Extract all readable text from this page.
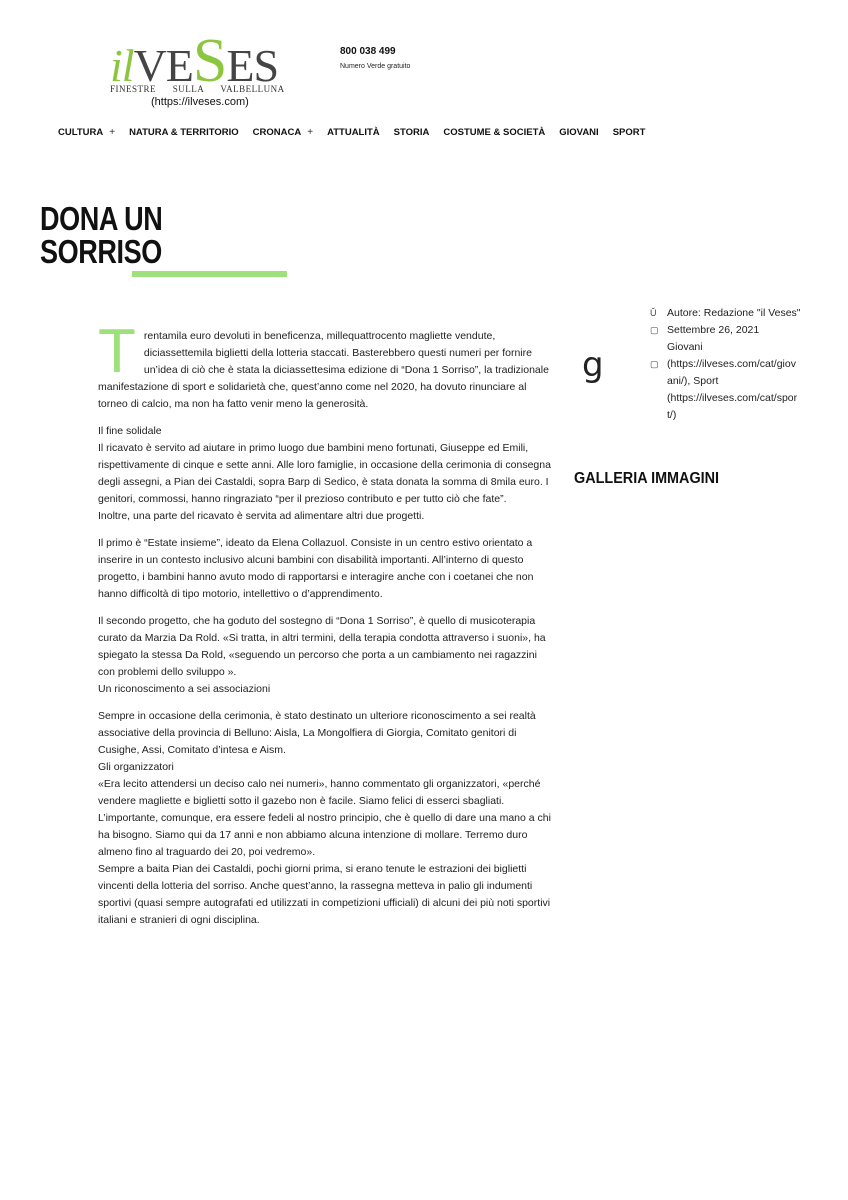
ilVESES
FINESTRE SULLA VALBELLUNA
(https://ilveses.com)
800 038 499
Numero Verde gratuito
CULTURA + NATURA & TERRITORIO CRONACA + ATTUALITÀ STORIA COSTUME & SOCIETÀ GIOVANI SPORT
DONA UN SORRISO

Trentamila euro devoluti in beneficenza, millequattrocento magliette vendute, diciassettemila biglietti della lotteria staccati. Basterebbero questi numeri per fornire un’idea di ciò che è stata la diciassettesima edizione di “Dona 1 Sorriso”, la tradizionale manifestazione di sport e solidarietà che, quest’anno come nel 2020, ha dovuto rinunciare al torneo di calcio, ma non ha fatto venir meno la generosità.

Il fine solidale
Il ricavato è servito ad aiutare in primo luogo due bambini meno fortunati, Giuseppe ed Emili, rispettivamente di cinque e sette anni. Alle loro famiglie, in occasione della cerimonia di consegna degli assegni, a Pian dei Castaldi, sopra Barp di Sedico, è stata donata la somma di 8mila euro. I genitori, commossi, hanno ringraziato “per il prezioso contributo e per tutto ciò che fate”.
Inoltre, una parte del ricavato è servita ad alimentare altri due progetti.

Il primo è “Estate insieme”, ideato da Elena Collazuol. Consiste in un centro estivo orientato a inserire in un contesto inclusivo alcuni bambini con disabilità importanti. All’interno di questo progetto, i bambini hanno avuto modo di rapportarsi e interagire anche con i coetanei che non hanno difficoltà di tipo motorio, intellettivo o d’apprendimento.

Il secondo progetto, che ha goduto del sostegno di “Dona 1 Sorriso”, è quello di musicoterapia curato da Marzia Da Rold. «Si tratta, in altri termini, della terapia condotta attraverso i suoni», ha spiegato la stessa Da Rold, «seguendo un percorso che porta a un cambiamento nei ragazzini con problemi dello sviluppo ».
Un riconoscimento a sei associazioni

Sempre in occasione della cerimonia, è stato destinato un ulteriore riconoscimento a sei realtà associative della provincia di Belluno: Aisla, La Mongolfiera di Giorgia, Comitato genitori di Cusighe, Assi, Comitato d’intesa e Aism.
Gli organizzatori
«Era lecito attendersi un deciso calo nei numeri», hanno commentato gli organizzatori, «perché vendere magliette e biglietti sotto il gazebo non è facile. Siamo felici di esserci sbagliati. L’importante, comunque, era essere fedeli al nostro principio, che è quello di dare una mano a chi ha bisogno. Siamo qui da 17 anni e non abbiamo alcuna intenzione di mollare. Terremo duro almeno fino al traguardo dei 20, poi vedremo».
Sempre a baita Pian dei Castaldi, pochi giorni prima, si erano tenute le estrazioni dei biglietti vincenti della lotteria del sorriso. Anche quest’anno, la rassegna metteva in palio gli indumenti sportivi (quasi sempre autografati ed utilizzati in competizioni ufficiali) di alcuni dei più noti sportivi italiani e stranieri di ogni disciplina.

g
Ǔ	Autore: Redazione "il Veses"
▢ Settembre 26, 2021
Giovani
(https://ilveses.com/cat/giov
ani/), Sport
▢
(https://ilveses.com/cat/spor
t/)
GALLERIA IMMAGINI
